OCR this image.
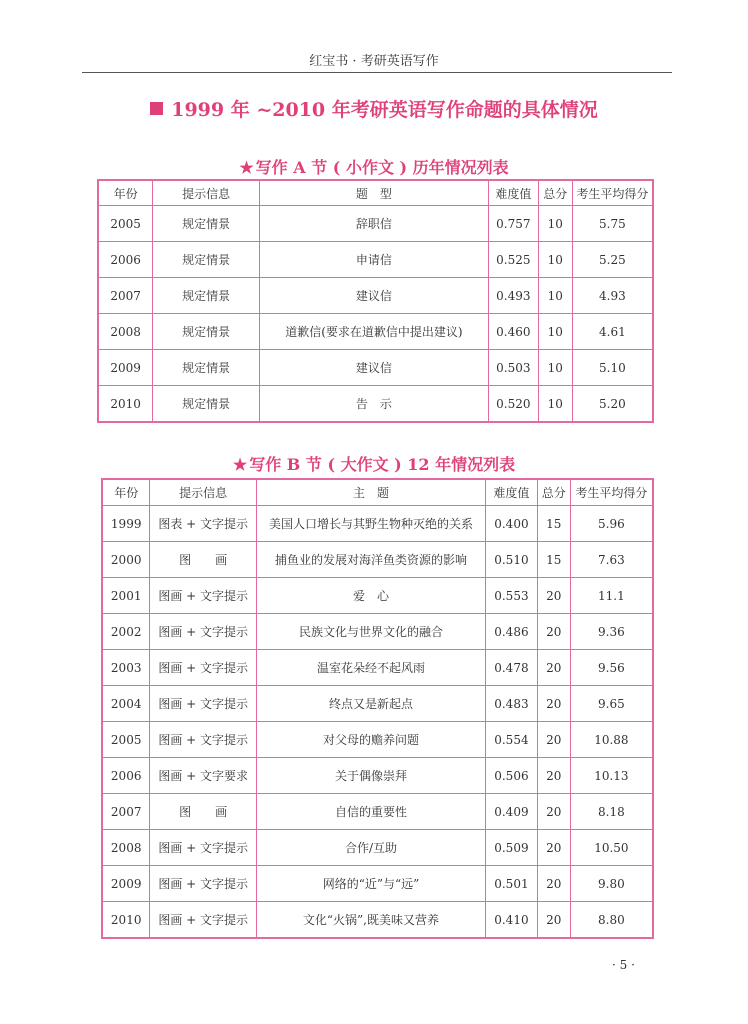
红宝书 · 考研英语写作
1999 年 ~2010 年考研英语写作命题的具体情况
★ 写作 A 节 ( 小作文 ) 历年情况列表
年份	提示信息	题　型	难度值	总分	考生平均得分
2005	规定情景	辞职信	0.757	10	5.75
2006	规定情景	申请信	0.525	10	5.25
2007	规定情景	建议信	0.493	10	4.93
2008	规定情景	道歉信(要求在道歉信中提出建议)	0.460	10	4.61
2009	规定情景	建议信	0.503	10	5.10
2010	规定情景	告　示	0.520	10	5.20
★ 写作 B 节 ( 大作文 ) 12 年情况列表
年份	提示信息	主　题	难度值	总分	考生平均得分
1999	图表 + 文字提示	美国人口增长与其野生物种灭绝的关系	0.400	15	5.96
2000	图　　画	捕鱼业的发展对海洋鱼类资源的影响	0.510	15	7.63
2001	图画 + 文字提示	爱　心	0.553	20	11.1
2002	图画 + 文字提示	民族文化与世界文化的融合	0.486	20	9.36
2003	图画 + 文字提示	温室花朵经不起风雨	0.478	20	9.56
2004	图画 + 文字提示	终点又是新起点	0.483	20	9.65
2005	图画 + 文字提示	对父母的赡养问题	0.554	20	10.88
2006	图画 + 文字要求	关于偶像崇拜	0.506	20	10.13
2007	图　　画	自信的重要性	0.409	20	8.18
2008	图画 + 文字提示	合作/互助	0.509	20	10.50
2009	图画 + 文字提示	网络的“近”与“远”	0.501	20	9.80
2010	图画 + 文字提示	文化“火锅”,既美味又营养	0.410	20	8.80
· 5 ·
